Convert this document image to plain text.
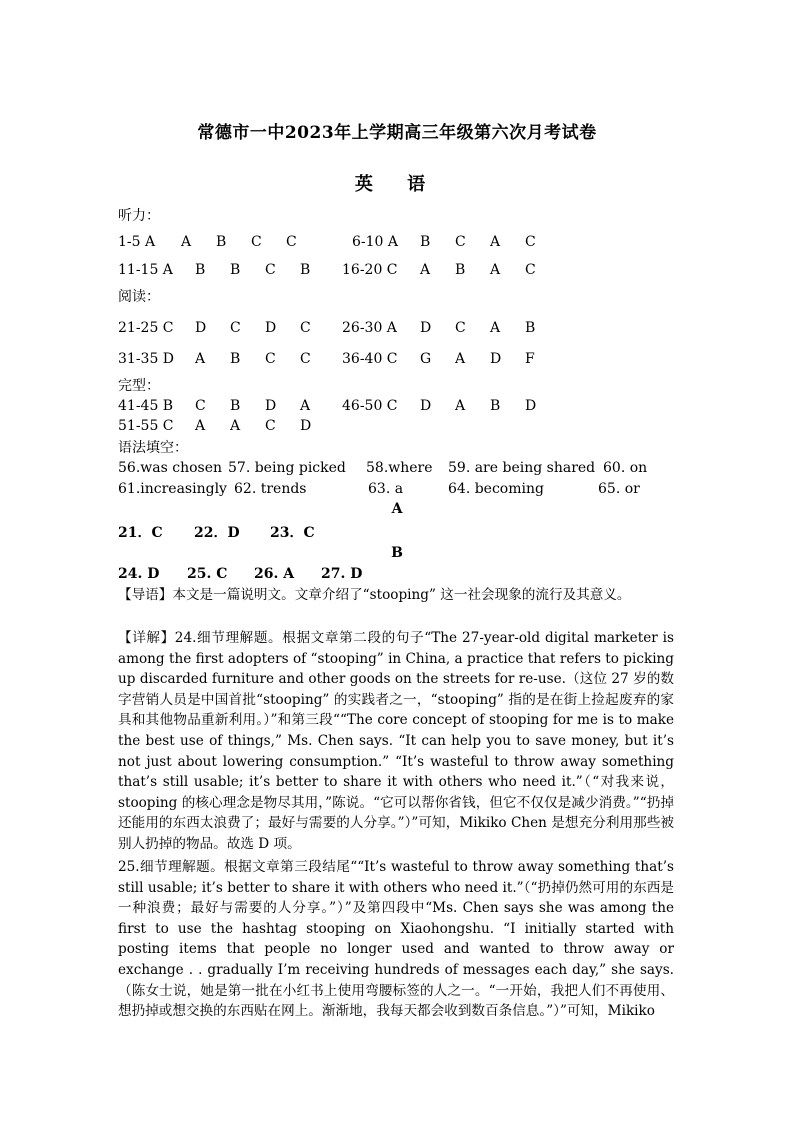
常德市一中2023年上学期高三年级第六次月考试卷
英 语
听力：
1-5 A A B C C	6-10 A B C A C
11-15 A B B C B 16-20 C A B A C
阅读：
21-25 C D C D C 26-30 A D C A B
31-35 D A B C C 36-40 C G A D F
完型：
41-45 B C B D A 46-50 C D A B D
51-55 C A A C D
语法填空：
56.was chosen 57. being picked 58.where 59. are being shared 60. on
61.increasingly 62. trends	63. a	64. becoming	65. or
A
21．C 22．D 23．C
B
24. D 25. C 26. A 27. D
【导语】本文是一篇说明文。文章介绍了“stooping” 这一社会现象的流行及其意义。
【详解】24.细节理解题。根据文章第二段的句子“The 27-year-old digital marketer is among the first adopters of “stooping” in China, a practice that refers to picking up discarded furniture and other goods on the streets for re-use.（这位 27 岁的数字营销人员是中国首批“stooping” 的实践者之一，“stooping” 指的是在街上捡起废弃的家具和其他物品重新利用。）”和第三段““The core concept of stooping for me is to make the best use of things,” Ms. Chen says. “It can help you to save money, but it’s not just about lowering consumption.” “It’s wasteful to throw away something that’s still usable; it’s better to share it with others who need it.”（“对我来说，stooping 的核心理念是物尽其用，”陈说。“它可以帮你省钱，但它不仅仅是减少消费。”“扔掉还能用的东西太浪费了；最好与需要的人分享。”）”可知，Mikiko Chen 是想充分利用那些被别人扔掉的物品。故选 D 项。
25.细节理解题。根据文章第三段结尾““It’s wasteful to throw away something that’s still usable; it’s better to share it with others who need it.”（“扔掉仍然可用的东西是一种浪费；最好与需要的人分享。”）”及第四段中“Ms. Chen says she was among the first to use the hashtag stooping on Xiaohongshu. “I initially started with posting items that people no longer used and wanted to throw away or exchange . . gradually I’m receiving hundreds of messages each day,” she says.（陈女士说，她是第一批在小红书上使用弯腰标签的人之一。“一开始，我把人们不再使用、想扔掉或想交换的东西贴在网上。渐渐地，我每天都会收到数百条信息。”）”可知，Mikiko
